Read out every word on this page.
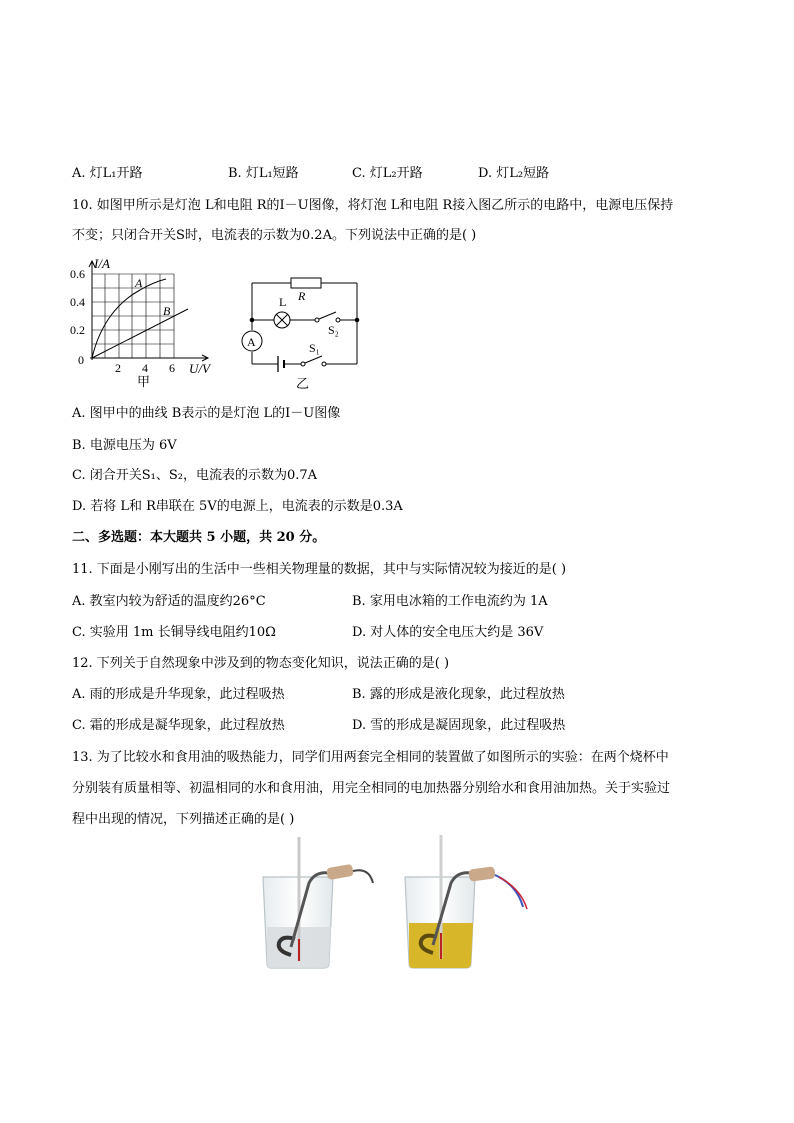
A. 灯L₁开路	B. 灯L₁短路	C. 灯L₂开路	D. 灯L₂短路
10. 如图甲所示是灯泡 L和电阻 R的I－U图像，将灯泡 L和电阻 R接入图乙所示的电路中，电源电压保持
不变；只闭合开关S时，电流表的示数为0.2A。下列说法中正确的是( )
I/A
0.6
0.4
0.2
0
2 4 6 U/V
A
B
甲
R
L
A
S₂
S₁
乙
A. 图甲中的曲线 B表示的是灯泡 L的I－U图像
B. 电源电压为 6V
C. 闭合开关S₁、S₂，电流表的示数为0.7A
D. 若将 L和 R串联在 5V的电源上，电流表的示数是0.3A
二、多选题：本大题共 5 小题，共 20 分。
11. 下面是小刚写出的生活中一些相关物理量的数据，其中与实际情况较为接近的是( )
A. 教室内较为舒适的温度约26°C	B. 家用电冰箱的工作电流约为 1A
C. 实验用 1m 长铜导线电阻约10Ω	D. 对人体的安全电压大约是 36V
12. 下列关于自然现象中涉及到的物态变化知识，说法正确的是( )
A. 雨的形成是升华现象，此过程吸热	B. 露的形成是液化现象，此过程放热
C. 霜的形成是凝华现象，此过程放热	D. 雪的形成是凝固现象，此过程吸热
13. 为了比较水和食用油的吸热能力，同学们用两套完全相同的装置做了如图所示的实验：在两个烧杯中
分别装有质量相等、初温相同的水和食用油，用完全相同的电加热器分别给水和食用油加热。关于实验过
程中出现的情况，下列描述正确的是( )
